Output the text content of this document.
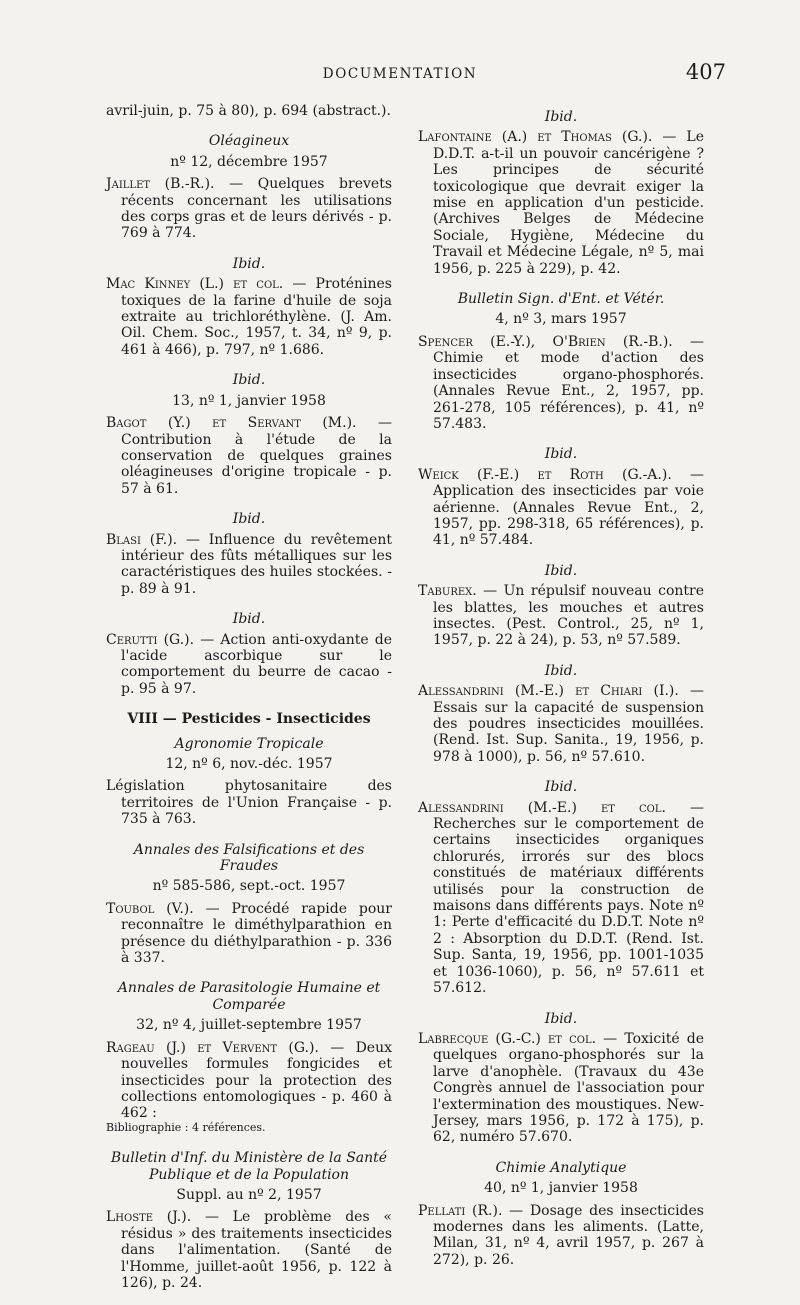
DOCUMENTATION	407

avril-juin, p. 75 à 80), p. 694 (abstract.).

Oléagineux
nº 12, décembre 1957

Jaillet (B.-R.). — Quelques brevets récents concernant les utilisations des corps gras et de leurs dérivés - p. 769 à 774.

Ibid.

Mac Kinney (L.) et col. — Proténines toxiques de la farine d'huile de soja extraite au trichloréthylène. (J. Am. Oil. Chem. Soc., 1957, t. 34, nº 9, p. 461 à 466), p. 797, nº 1.686.

Ibid.
13, nº 1, janvier 1958

Bagot (Y.) et Servant (M.). — Contribution à l'étude de la conservation de quelques graines oléagineuses d'origine tropicale - p. 57 à 61.

Ibid.

Blasi (F.). — Influence du revêtement intérieur des fûts métalliques sur les caractéristiques des huiles stockées. - p. 89 à 91.

Ibid.

Cerutti (G.). — Action anti-oxydante de l'acide ascorbique sur le comportement du beurre de cacao - p. 95 à 97.

VIII — Pesticides - Insecticides
Agronomie Tropicale
12, nº 6, nov.-déc. 1957

Législation phytosanitaire des territoires de l'Union Française - p. 735 à 763.

Annales des Falsifications et des Fraudes
nº 585-586, sept.-oct. 1957

Toubol (V.). — Procédé rapide pour reconnaître le diméthylparathion en présence du diéthylparathion - p. 336 à 337.

Annales de Parasitologie Humaine et Comparée
32, nº 4, juillet-septembre 1957

Rageau (J.) et Vervent (G.). — Deux nouvelles formules fongicides et insecticides pour la protection des collections entomologiques - p. 460 à 462 :

Bibliographie : 4 références.
Bulletin d'Inf. du Ministère de la Santé Publique et de la Population
Suppl. au nº 2, 1957

Lhoste (J.). — Le problème des « résidus » des traitements insecticides dans l'alimentation. (Santé de l'Homme, juillet-août 1956, p. 122 à 126), p. 24.

Ibid.

Lafontaine (A.) et Thomas (G.). — Le D.D.T. a-t-il un pouvoir cancérigène ? Les principes de sécurité toxicologique que devrait exiger la mise en application d'un pesticide. (Archives Belges de Médecine Sociale, Hygiène, Médecine du Travail et Médecine Légale, nº 5, mai 1956, p. 225 à 229), p. 42.

Bulletin Sign. d'Ent. et Vétér.
4, nº 3, mars 1957

Spencer (E.-Y.), O'Brien (R.-B.). — Chimie et mode d'action des insecticides organo-phosphorés. (Annales Revue Ent., 2, 1957, pp. 261-278, 105 références), p. 41, nº 57.483.

Ibid.

Weick (F.-E.) et Roth (G.-A.). — Application des insecticides par voie aérienne. (Annales Revue Ent., 2, 1957, pp. 298-318, 65 références), p. 41, nº 57.484.

Ibid.

Taburex. — Un répulsif nouveau contre les blattes, les mouches et autres insectes. (Pest. Control., 25, nº 1, 1957, p. 22 à 24), p. 53, nº 57.589.

Ibid.

Alessandrini (M.-E.) et Chiari (I.). — Essais sur la capacité de suspension des poudres insecticides mouillées. (Rend. Ist. Sup. Sanita., 19, 1956, p. 978 à 1000), p. 56, nº 57.610.

Ibid.

Alessandrini (M.-E.) et col. — Recherches sur le comportement de certains insecticides organiques chlorurés, irrorés sur des blocs constitués de matériaux différents utilisés pour la construction de maisons dans différents pays. Note nº 1: Perte d'efficacité du D.D.T. Note nº 2 : Absorption du D.D.T. (Rend. Ist. Sup. Santa, 19, 1956, pp. 1001-1035 et 1036-1060), p. 56, nº 57.611 et 57.612.

Ibid.

Labrecque (G.-C.) et col. — Toxicité de quelques organo-phosphorés sur la larve d'anophèle. (Travaux du 43e Congrès annuel de l'association pour l'extermination des moustiques. New-Jersey, mars 1956, p. 172 à 175), p. 62, numéro 57.670.

Chimie Analytique
40, nº 1, janvier 1958

Pellati (R.). — Dosage des insecticides modernes dans les aliments. (Latte, Milan, 31, nº 4, avril 1957, p. 267 à 272), p. 26.
